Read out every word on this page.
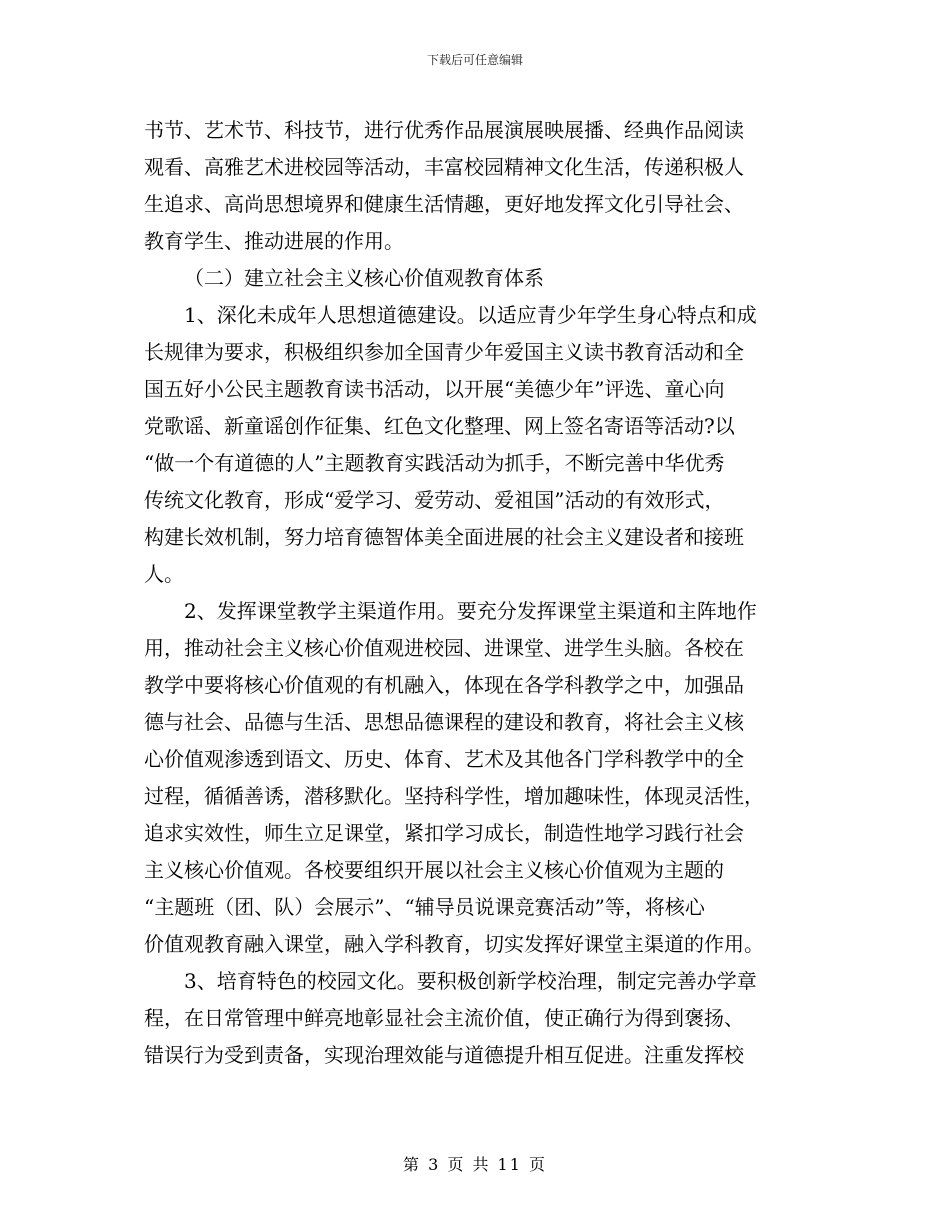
下载后可任意编辑
书节、艺术节、科技节，进行优秀作品展演展映展播、经典作品阅读
观看、高雅艺术进校园等活动，丰富校园精神文化生活，传递积极人
生追求、高尚思想境界和健康生活情趣，更好地发挥文化引导社会、
教育学生、推动进展的作用。
（二）建立社会主义核心价值观教育体系
1、深化未成年人思想道德建设。以适应青少年学生身心特点和成
长规律为要求，积极组织参加全国青少年爱国主义读书教育活动和全
国五好小公民主题教育读书活动，以开展“美德少年”评选、童心向
党歌谣、新童谣创作征集、红色文化整理、网上签名寄语等活动?以
“做一个有道德的人”主题教育实践活动为抓手，不断完善中华优秀
传统文化教育，形成“爱学习、爱劳动、爱祖国”活动的有效形式，
构建长效机制，努力培育德智体美全面进展的社会主义建设者和接班
人。
2、发挥课堂教学主渠道作用。要充分发挥课堂主渠道和主阵地作
用，推动社会主义核心价值观进校园、进课堂、进学生头脑。各校在
教学中要将核心价值观的有机融入，体现在各学科教学之中，加强品
德与社会、品德与生活、思想品德课程的建设和教育，将社会主义核
心价值观渗透到语文、历史、体育、艺术及其他各门学科教学中的全
过程，循循善诱，潜移默化。坚持科学性，增加趣味性，体现灵活性，
追求实效性，师生立足课堂，紧扣学习成长，制造性地学习践行社会
主义核心价值观。各校要组织开展以社会主义核心价值观为主题的
“主题班（团、队）会展示”、“辅导员说课竞赛活动”等，将核心
价值观教育融入课堂，融入学科教育，切实发挥好课堂主渠道的作用。
3、培育特色的校园文化。要积极创新学校治理，制定完善办学章
程，在日常管理中鲜亮地彰显社会主流价值，使正确行为得到褒扬、
错误行为受到责备，实现治理效能与道德提升相互促进。注重发挥校
第 3 页 共 11 页
